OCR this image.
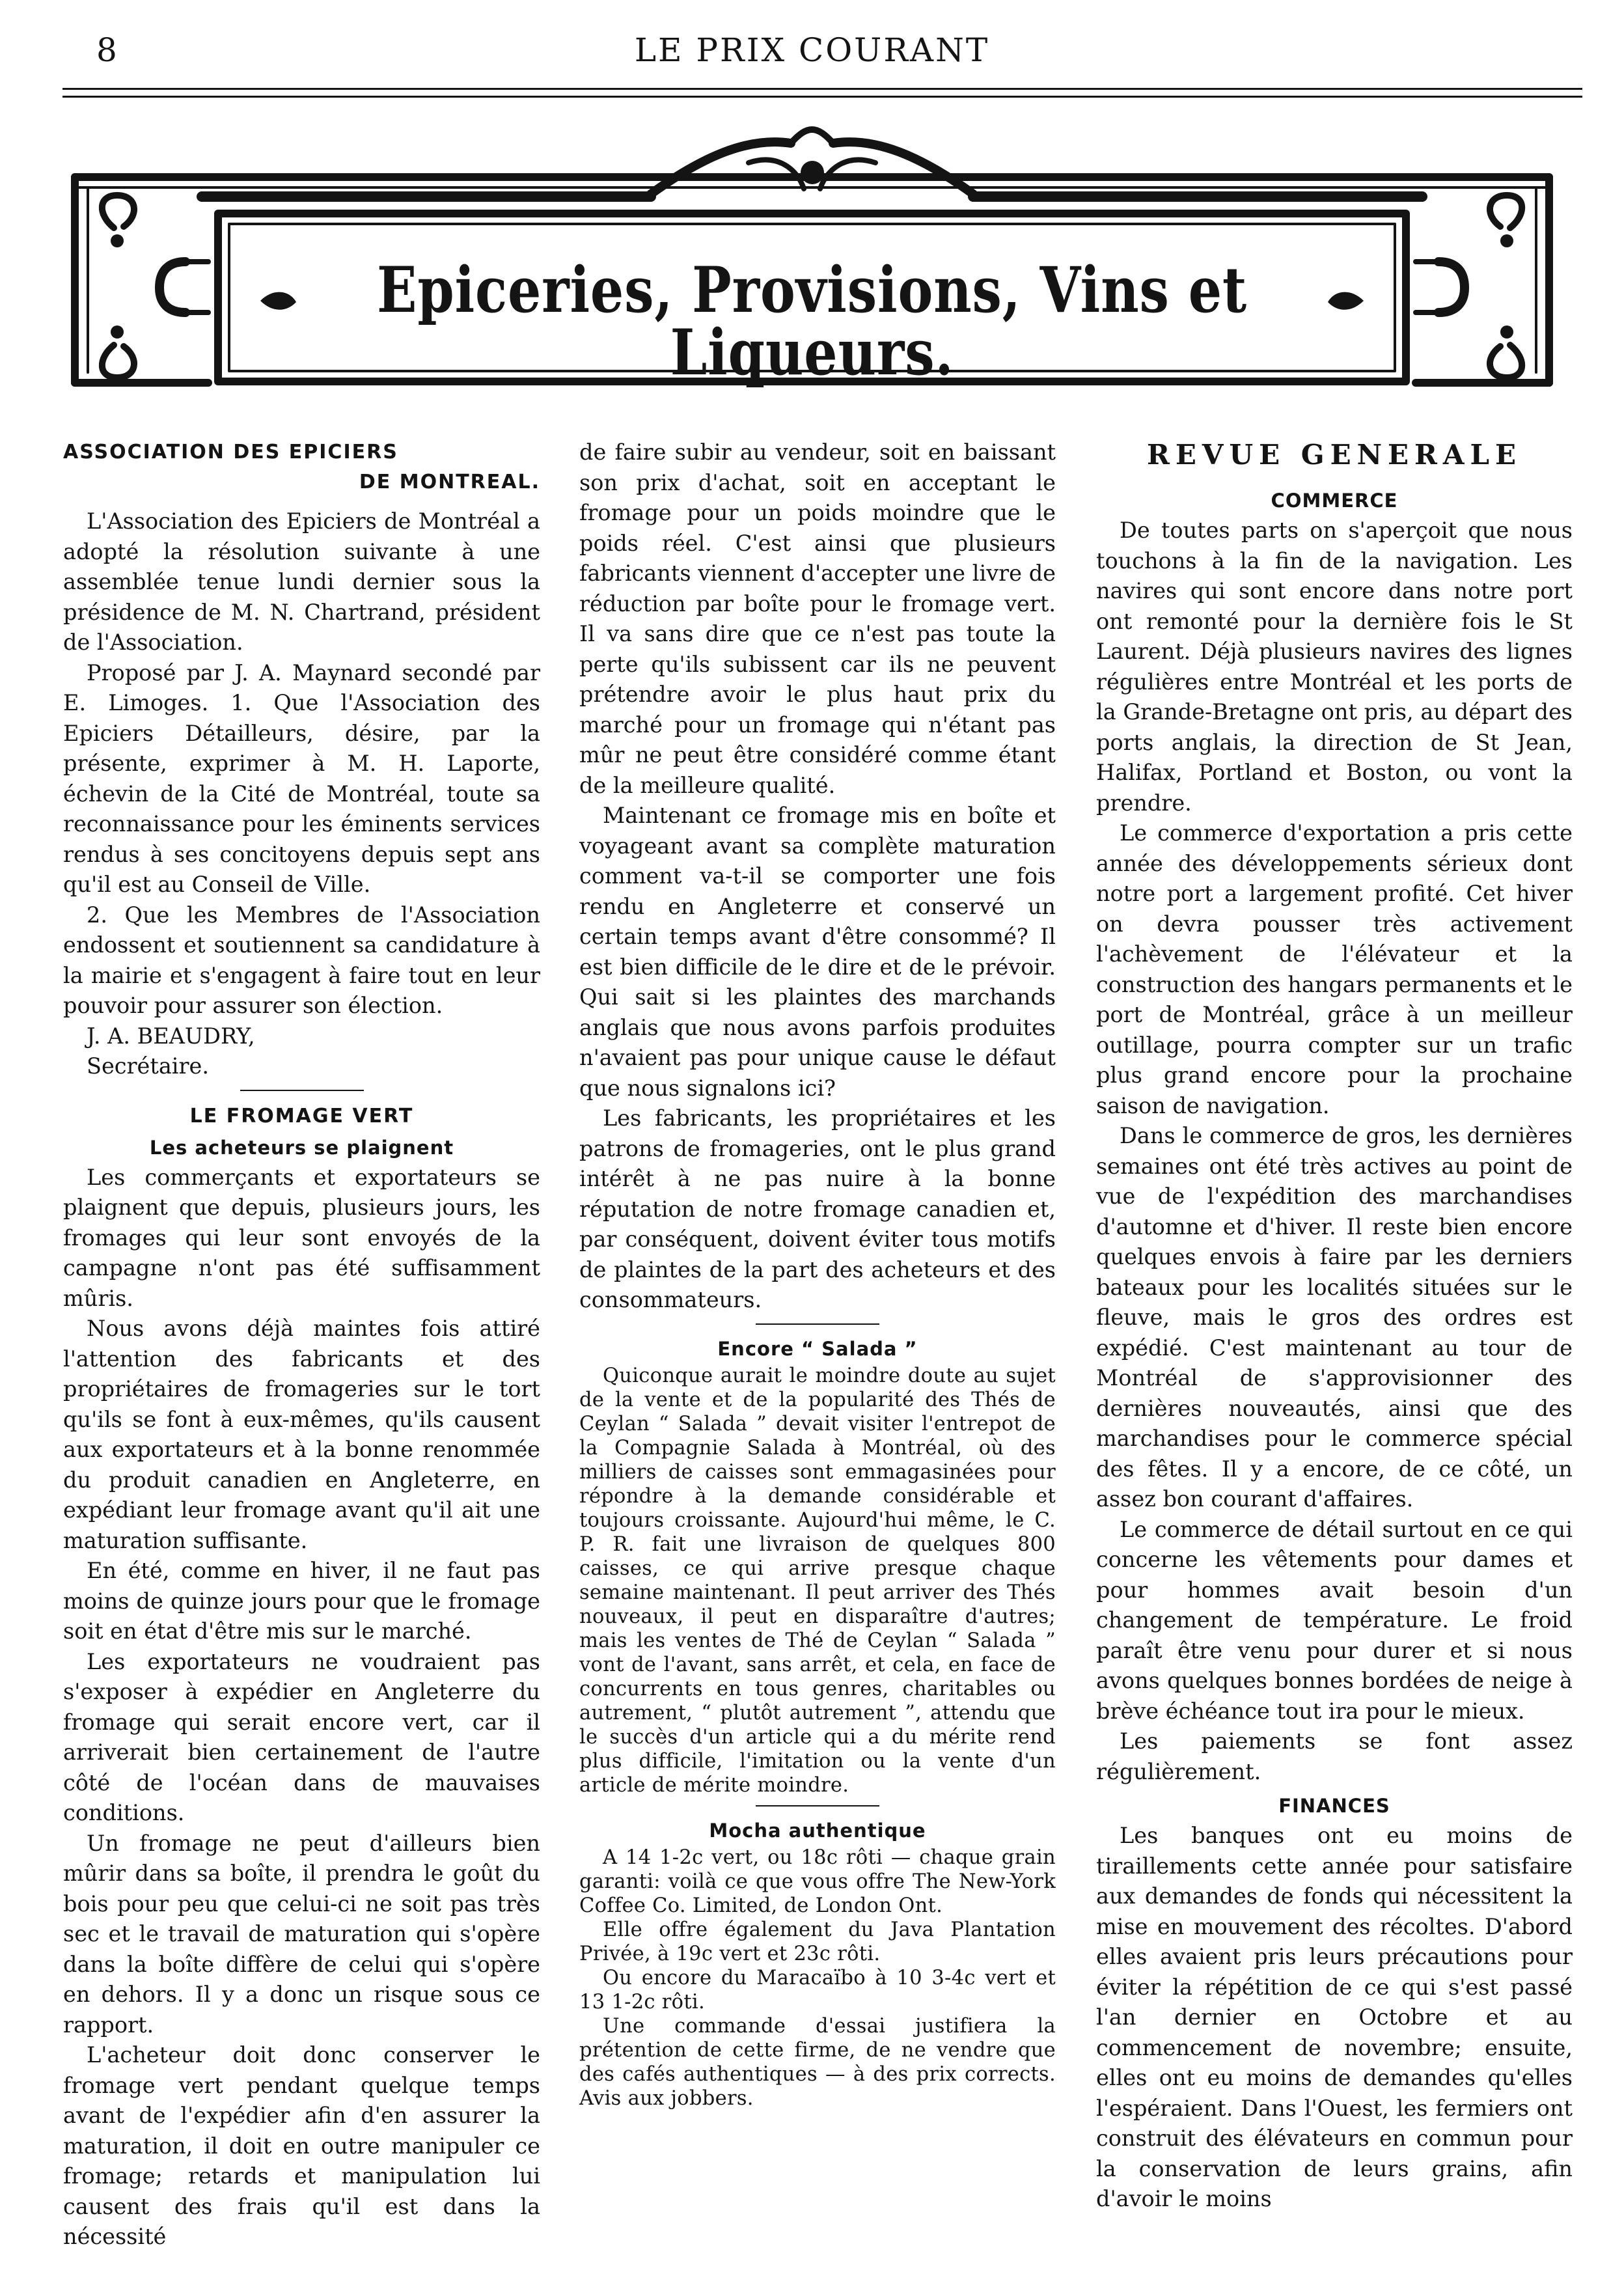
8	LE PRIX COURANT
Epiceries, Provisions, Vins et Liqueurs.
ASSOCIATION DES EPICIERS
DE MONTREAL.

L'Association des Epiciers de Montréal a adopté la résolution suivante à une assemblée tenue lundi dernier sous la présidence de M. N. Chartrand, président de l'Association.

Proposé par J. A. Maynard secondé par E. Limoges. 1. Que l'Association des Epiciers Détailleurs, désire, par la présente, exprimer à M. H. Laporte, échevin de la Cité de Montréal, toute sa reconnaissance pour les éminents services rendus à ses concitoyens depuis sept ans qu'il est au Conseil de Ville.

2. Que les Membres de l'Association endossent et soutiennent sa candidature à la mairie et s'engagent à faire tout en leur pouvoir pour assurer son élection.

J. A. BEAUDRY,

Secrétaire.

LE FROMAGE VERT
Les acheteurs se plaignent

Les commerçants et exportateurs se plaignent que depuis, plusieurs jours, les fromages qui leur sont envoyés de la campagne n'ont pas été suffisamment mûris.

Nous avons déjà maintes fois attiré l'attention des fabricants et des propriétaires de fromageries sur le tort qu'ils se font à eux-mêmes, qu'ils causent aux exportateurs et à la bonne renommée du produit canadien en Angleterre, en expédiant leur fromage avant qu'il ait une maturation suffisante.

En été, comme en hiver, il ne faut pas moins de quinze jours pour que le fromage soit en état d'être mis sur le marché.

Les exportateurs ne voudraient pas s'exposer à expédier en Angleterre du fromage qui serait encore vert, car il arriverait bien certainement de l'autre côté de l'océan dans de mauvaises conditions.

Un fromage ne peut d'ailleurs bien mûrir dans sa boîte, il prendra le goût du bois pour peu que celui-ci ne soit pas très sec et le travail de maturation qui s'opère dans la boîte diffère de celui qui s'opère en dehors. Il y a donc un risque sous ce rapport.

L'acheteur doit donc conserver le fromage vert pendant quelque temps avant de l'expédier afin d'en assurer la maturation, il doit en outre manipuler ce fromage; retards et manipulation lui causent des frais qu'il est dans la nécessité

de faire subir au vendeur, soit en baissant son prix d'achat, soit en acceptant le fromage pour un poids moindre que le poids réel. C'est ainsi que plusieurs fabricants viennent d'accepter une livre de réduction par boîte pour le fromage vert. Il va sans dire que ce n'est pas toute la perte qu'ils subissent car ils ne peuvent prétendre avoir le plus haut prix du marché pour un fromage qui n'étant pas mûr ne peut être considéré comme étant de la meilleure qualité.

Maintenant ce fromage mis en boîte et voyageant avant sa complète maturation comment va-t-il se comporter une fois rendu en Angleterre et conservé un certain temps avant d'être consommé? Il est bien difficile de le dire et de le prévoir. Qui sait si les plaintes des marchands anglais que nous avons parfois produites n'avaient pas pour unique cause le défaut que nous signalons ici?

Les fabricants, les propriétaires et les patrons de fromageries, ont le plus grand intérêt à ne pas nuire à la bonne réputation de notre fromage canadien et, par conséquent, doivent éviter tous motifs de plaintes de la part des acheteurs et des consommateurs.

Encore “ Salada ”

Quiconque aurait le moindre doute au sujet de la vente et de la popularité des Thés de Ceylan “ Salada ” devait visiter l'entrepot de la Compagnie Salada à Montréal, où des milliers de caisses sont emmagasinées pour répondre à la demande considérable et toujours croissante. Aujourd'hui même, le C. P. R. fait une livraison de quelques 800 caisses, ce qui arrive presque chaque semaine maintenant. Il peut arriver des Thés nouveaux, il peut en disparaître d'autres; mais les ventes de Thé de Ceylan “ Salada ” vont de l'avant, sans arrêt, et cela, en face de concurrents en tous genres, charitables ou autrement, “ plutôt autrement ”, attendu que le succès d'un article qui a du mérite rend plus difficile, l'imitation ou la vente d'un article de mérite moindre.

Mocha authentique

A 14 1-2c vert, ou 18c rôti — chaque grain garanti: voilà ce que vous offre The New-York Coffee Co. Limited, de London Ont.

Elle offre également du Java Plantation Privée, à 19c vert et 23c rôti.

Ou encore du Maracaïbo à 10 3-4c vert et 13 1-2c rôti.

Une commande d'essai justifiera la prétention de cette firme, de ne vendre que des cafés authentiques — à des prix corrects. Avis aux jobbers.

REVUE GENERALE
COMMERCE

De toutes parts on s'aperçoit que nous touchons à la fin de la navigation. Les navires qui sont encore dans notre port ont remonté pour la dernière fois le St Laurent. Déjà plusieurs navires des lignes régulières entre Montréal et les ports de la Grande-Bretagne ont pris, au départ des ports anglais, la direction de St Jean, Halifax, Portland et Boston, ou vont la prendre.

Le commerce d'exportation a pris cette année des développements sérieux dont notre port a largement profité. Cet hiver on devra pousser très activement l'achèvement de l'élévateur et la construction des hangars permanents et le port de Montréal, grâce à un meilleur outillage, pourra compter sur un trafic plus grand encore pour la prochaine saison de navigation.

Dans le commerce de gros, les dernières semaines ont été très actives au point de vue de l'expédition des marchandises d'automne et d'hiver. Il reste bien encore quelques envois à faire par les derniers bateaux pour les localités situées sur le fleuve, mais le gros des ordres est expédié. C'est maintenant au tour de Montréal de s'approvisionner des dernières nouveautés, ainsi que des marchandises pour le commerce spécial des fêtes. Il y a encore, de ce côté, un assez bon courant d'affaires.

Le commerce de détail surtout en ce qui concerne les vêtements pour dames et pour hommes avait besoin d'un changement de température. Le froid paraît être venu pour durer et si nous avons quelques bonnes bordées de neige à brève échéance tout ira pour le mieux.

Les paiements se font assez régulièrement.

FINANCES

Les banques ont eu moins de tiraillements cette année pour satisfaire aux demandes de fonds qui nécessitent la mise en mouvement des récoltes. D'abord elles avaient pris leurs précautions pour éviter la répétition de ce qui s'est passé l'an dernier en Octobre et au commencement de novembre; ensuite, elles ont eu moins de demandes qu'elles l'espéraient. Dans l'Ouest, les fermiers ont construit des élévateurs en commun pour la conservation de leurs grains, afin d'avoir le moins
